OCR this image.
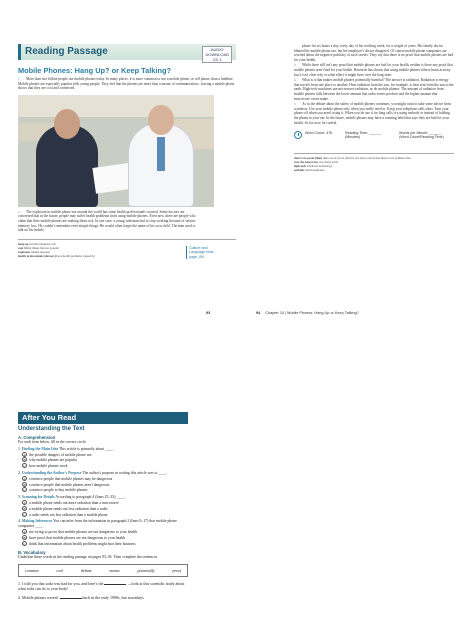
Reading Passage	AUDIO
DOWNLOAD
CD 1
Mobile Phones: Hang Up? or Keep Talking?
1 More than two billion people use mobile phones today. In many places, it is more common to use a mobile phone, or cell phone, than a landline. Mobile phones are especially popular with young people. They feel that the phones are more than a means of communication—having a mobile phone shows that they are cool and connected.
2 The explosion in mobile phone use around the world has some health professionals worried. Some doctors are concerned that in the future, people may suffer health problems from using mobile phones. Even now, there are people who claim that their mobile phones are making them sick. In one case, a young salesman had to stop working because of serious memory loss. He couldn't remember even simple things. He would often forget the name of his own child. The man used to talk on his mobile
hang up end the telephone call
cool fitting things that are popular
explosion sudden increase
health professionals (doctors) have health problems caused by
Culture and Language Note, page 159
phone for six hours a day, every day of his working week, for a couple of years. His family doctor blamed his mobile phone use, but his employer's doctor disagreed. Of course mobile phone companies are worried about the negative publicity of such stories. They say that there is no proof that mobile phones are bad for your health.
3 While there still isn't any proof that mobile phones are bad for your health, neither is there any proof that mobile phones aren't bad for your health. Research has shown that using mobile phones affects brain activity, but it isn't clear why or what effect it might have over the long term.
4 What is it that makes mobile phones potentially harmful? The answer is radiation. Radiation is energy that travels from one place to another. Heat radiation from the sun, for example, is heat sent from the sun to the earth. High-tech machines use microwave radiation, as do mobile phones. The amount of radiation from mobile phones falls between the lower amount that radio waves produce and the higher amount that microwave ovens make.
5 As to the debate about the safety of mobile phones continues, you might want to take some advice from scientists. Use your mobile phone only when you really need to. Keep your telephone calls short. Turn your phone off when you aren't using it. When you do use it for long calls, try using earbuds or instead of holding the phone to your ear. In the future, mobile phones may have a warning label that says they are bad for your health. So for now, be careful.
Word Count: 476	Reading Time: ______ (Minutes)
Words per Minute: ______ (Word Count/Reading Time)
there's no proof (that) there are no proof (that) is not sure to show that there is not evidence that
over the long term over many years
high-tech advanced technology
earbuds small earphones
93	94 Chapter 10 | Mobile Phones: Hang Up or Keep Talking?
After You Read
Understanding the Text
A. Comprehension
For each item below, fill in the correct circle.
1. Finding the Main Idea This article is primarily about ____.
A the possible dangers of mobile phone use
B why mobile phones are popular
C how mobile phones work
2. Understanding the Author's Purpose The author's purpose in writing this article was to ____.
A convince people that mobile phones may be dangerous
B convince people that mobile phones aren't dangerous
C convince people to buy mobile phones
3. Scanning for Details According to paragraph 4 (lines 25–33), ____.
A a mobile phone sends out more radiation than a microwave
B a mobile phone sends out less radiation than a radio
C a radio sends out less radiation than a mobile phone
4. Making Inferences You can infer from the information in paragraph 2 (lines 8–17) that mobile phone companies ____.
A are trying to prove that mobile phones are not dangerous to your health
B have proof that mobile phones are not dangerous to your health
C think that information about health problems might hurt their business
B. Vocabulary
Underline these words in the reading passage on pages 93–94. Then complete the sentences.
common	cool	debate	means	potentially	proof
1. I told you that soda was bad for you, and here's the	—look at this scientific study about what soda can do to your body!
2. Mobile phones weren't	back in the early 1990s, but nowadays
